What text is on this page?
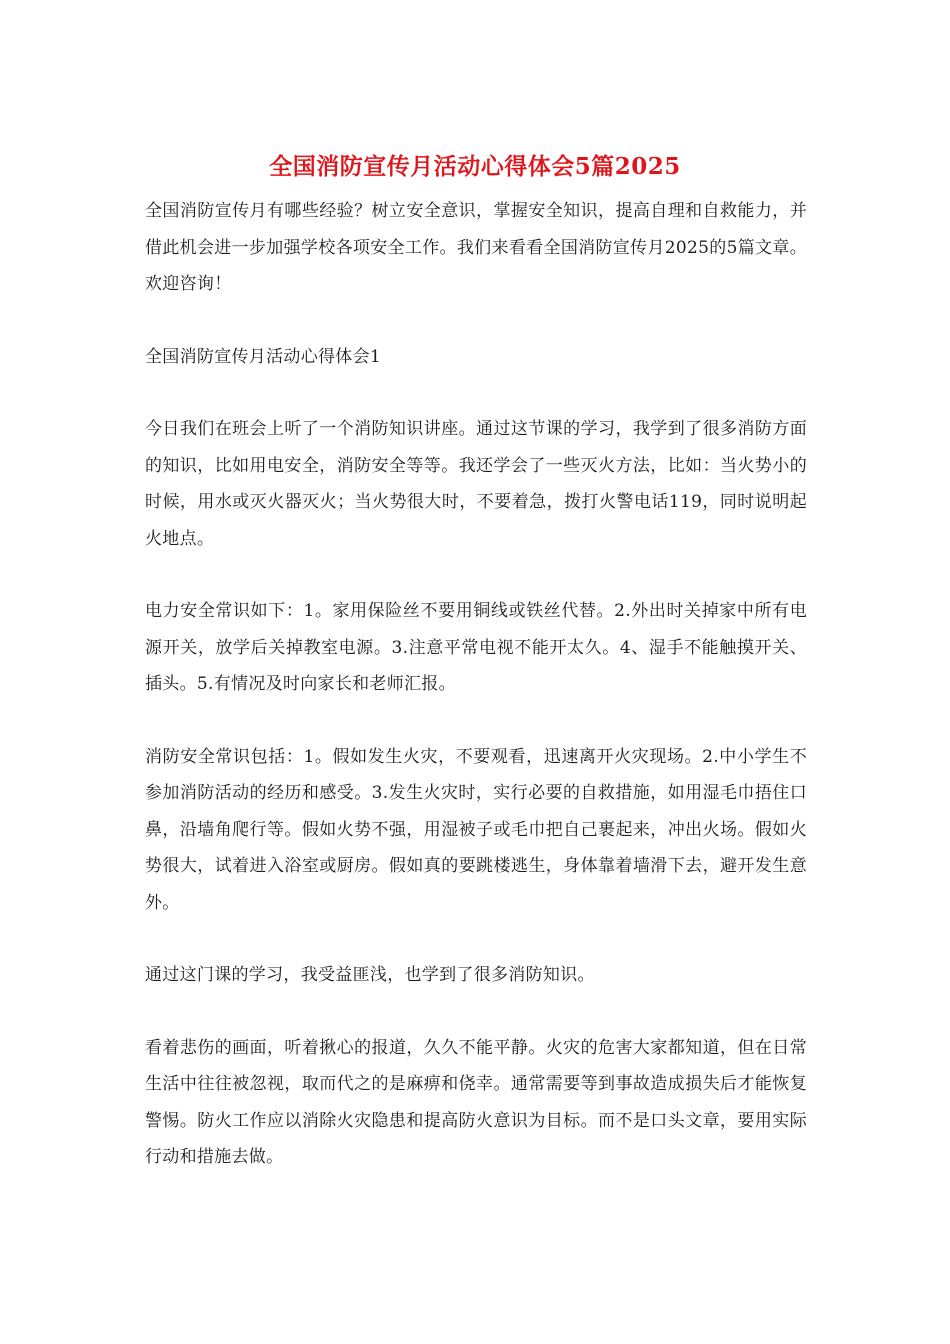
全国消防宣传月活动心得体会5篇2025

全国消防宣传月有哪些经验？树立安全意识，掌握安全知识，提高自理和自救能力，并借此机会进一步加强学校各项安全工作。我们来看看全国消防宣传月2025的5篇文章。欢迎咨询！

全国消防宣传月活动心得体会1

今日我们在班会上听了一个消防知识讲座。通过这节课的学习，我学到了很多消防方面的知识，比如用电安全，消防安全等等。我还学会了一些灭火方法，比如：当火势小的时候，用水或灭火器灭火；当火势很大时，不要着急，拨打火警电话119，同时说明起火地点。

电力安全常识如下：1。家用保险丝不要用铜线或铁丝代替。2.外出时关掉家中所有电源开关，放学后关掉教室电源。3.注意平常电视不能开太久。4、湿手不能触摸开关、插头。5.有情况及时向家长和老师汇报。

消防安全常识包括：1。假如发生火灾，不要观看，迅速离开火灾现场。2.中小学生不参加消防活动的经历和感受。3.发生火灾时，实行必要的自救措施，如用湿毛巾捂住口鼻，沿墙角爬行等。假如火势不强，用湿被子或毛巾把自己裹起来，冲出火场。假如火势很大，试着进入浴室或厨房。假如真的要跳楼逃生，身体靠着墙滑下去，避开发生意外。

通过这门课的学习，我受益匪浅，也学到了很多消防知识。

看着悲伤的画面，听着揪心的报道，久久不能平静。火灾的危害大家都知道，但在日常生活中往往被忽视，取而代之的是麻痹和侥幸。通常需要等到事故造成损失后才能恢复警惕。防火工作应以消除火灾隐患和提高防火意识为目标。而不是口头文章，要用实际行动和措施去做。
